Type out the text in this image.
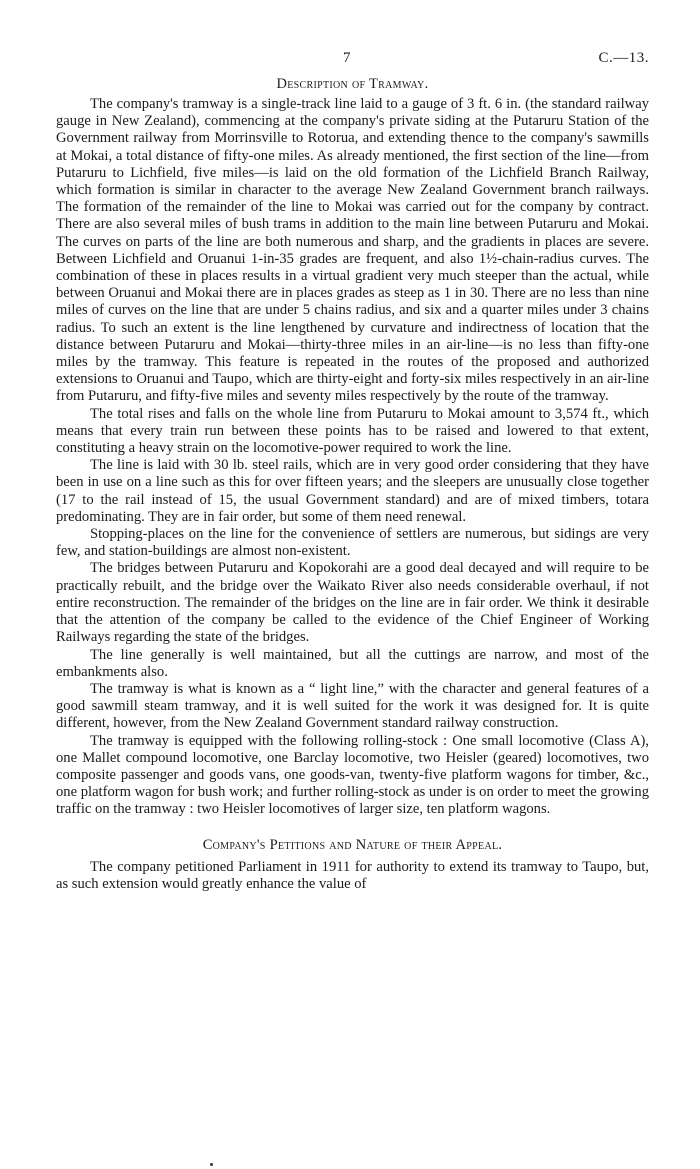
7	C.—13.
Description of Tramway.

The company's tramway is a single-track line laid to a gauge of 3 ft. 6 in. (the standard railway gauge in New Zealand), commencing at the company's private siding at the Putaruru Station of the Government railway from Morrinsville to Rotorua, and extending thence to the company's sawmills at Mokai, a total distance of fifty-one miles. As already mentioned, the first section of the line—from Putaruru to Lichfield, five miles—is laid on the old formation of the Lichfield Branch Railway, which formation is similar in character to the average New Zealand Government branch railways. The formation of the remainder of the line to Mokai was carried out for the company by contract. There are also several miles of bush trams in addition to the main line between Putaruru and Mokai. The curves on parts of the line are both numerous and sharp, and the gradients in places are severe. Between Lichfield and Oruanui 1-in-35 grades are frequent, and also 1½-chain-radius curves. The combination of these in places results in a virtual gradient very much steeper than the actual, while between Oruanui and Mokai there are in places grades as steep as 1 in 30. There are no less than nine miles of curves on the line that are under 5 chains radius, and six and a quarter miles under 3 chains radius. To such an extent is the line lengthened by curvature and indirectness of location that the distance between Putaruru and Mokai—thirty-three miles in an air-line—is no less than fifty-one miles by the tramway. This feature is repeated in the routes of the proposed and authorized extensions to Oruanui and Taupo, which are thirty-eight and forty-six miles respectively in an air-line from Putaruru, and fifty-five miles and seventy miles respectively by the route of the tramway.

The total rises and falls on the whole line from Putaruru to Mokai amount to 3,574 ft., which means that every train run between these points has to be raised and lowered to that extent, constituting a heavy strain on the locomotive-power required to work the line.

The line is laid with 30 lb. steel rails, which are in very good order considering that they have been in use on a line such as this for over fifteen years; and the sleepers are unusually close together (17 to the rail instead of 15, the usual Government standard) and are of mixed timbers, totara predominating. They are in fair order, but some of them need renewal.

Stopping-places on the line for the convenience of settlers are numerous, but sidings are very few, and station-buildings are almost non-existent.

The bridges between Putaruru and Kopokorahi are a good deal decayed and will require to be practically rebuilt, and the bridge over the Waikato River also needs considerable overhaul, if not entire reconstruction. The remainder of the bridges on the line are in fair order. We think it desirable that the attention of the company be called to the evidence of the Chief Engineer of Working Railways regarding the state of the bridges.

The line generally is well maintained, but all the cuttings are narrow, and most of the embankments also.

The tramway is what is known as a “ light line,” with the character and general features of a good sawmill steam tramway, and it is well suited for the work it was designed for. It is quite different, however, from the New Zealand Government standard railway construction.

The tramway is equipped with the following rolling-stock : One small locomotive (Class A), one Mallet compound locomotive, one Barclay locomotive, two Heisler (geared) locomotives, two composite passenger and goods vans, one goods-van, twenty-five platform wagons for timber, &c., one platform wagon for bush work; and further rolling-stock as under is on order to meet the growing traffic on the tramway : two Heisler locomotives of larger size, ten platform wagons.

Company's Petitions and Nature of their Appeal.

The company petitioned Parliament in 1911 for authority to extend its tramway to Taupo, but, as such extension would greatly enhance the value of
